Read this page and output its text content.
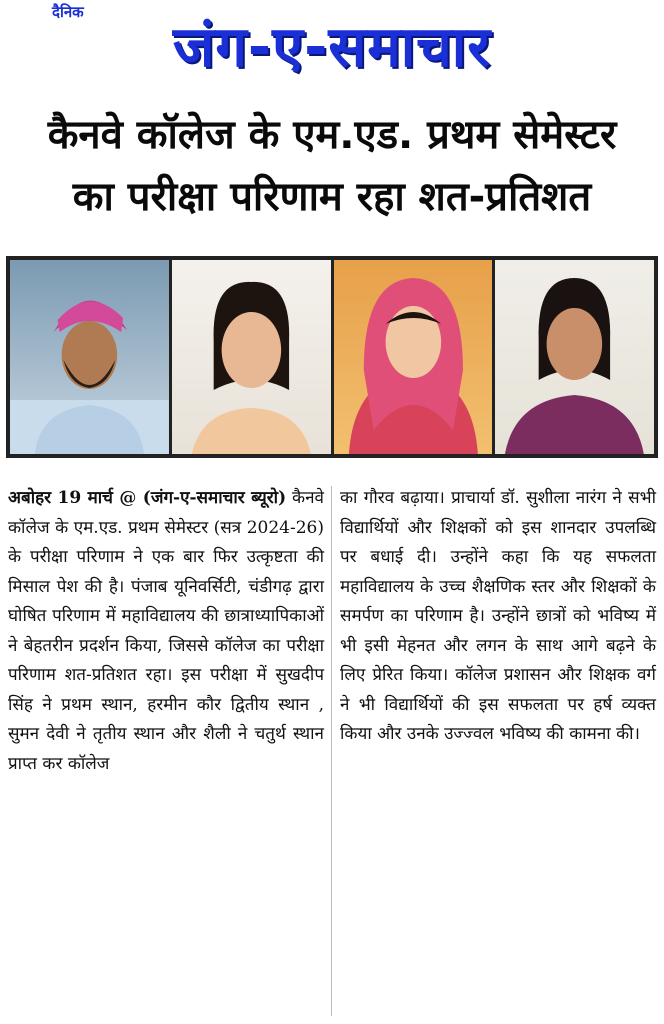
जंग-ए-समाचार
दैनिक
कैनवे कॉलेज के एम.एड. प्रथम सेमेस्टर
का परीक्षा परिणाम रहा शत-प्रतिशत
अबोहर 19 मार्च @ (जंग-ए-समाचार ब्यूरो) कैनवे कॉलेज के एम.एड. प्रथम सेमेस्टर (सत्र 2024-26) के परीक्षा परिणाम ने एक बार फिर उत्कृष्टता की मिसाल पेश की है। पंजाब यूनिवर्सिटी, चंडीगढ़ द्वारा घोषित परिणाम में महाविद्यालय की छात्राध्यापिकाओं ने बेहतरीन प्रदर्शन किया, जिससे कॉलेज का परीक्षा परिणाम शत-प्रतिशत रहा। इस परीक्षा में सुखदीप सिंह ने प्रथम स्थान, हरमीन कौर द्वितीय स्थान , सुमन देवी ने तृतीय स्थान और शैली ने चतुर्थ स्थान प्राप्त कर कॉलेज
का गौरव बढ़ाया। प्राचार्या डॉ. सुशीला नारंग ने सभी विद्यार्थियों और शिक्षकों को इस शानदार उपलब्धि पर बधाई दी। उन्होंने कहा कि यह सफलता महाविद्यालय के उच्च शैक्षणिक स्तर और शिक्षकों के समर्पण का परिणाम है। उन्होंने छात्रों को भविष्य में भी इसी मेहनत और लगन के साथ आगे बढ़ने के लिए प्रेरित किया। कॉलेज प्रशासन और शिक्षक वर्ग ने भी विद्यार्थियों की इस सफलता पर हर्ष व्यक्त किया और उनके उज्ज्वल भविष्य की कामना की।
